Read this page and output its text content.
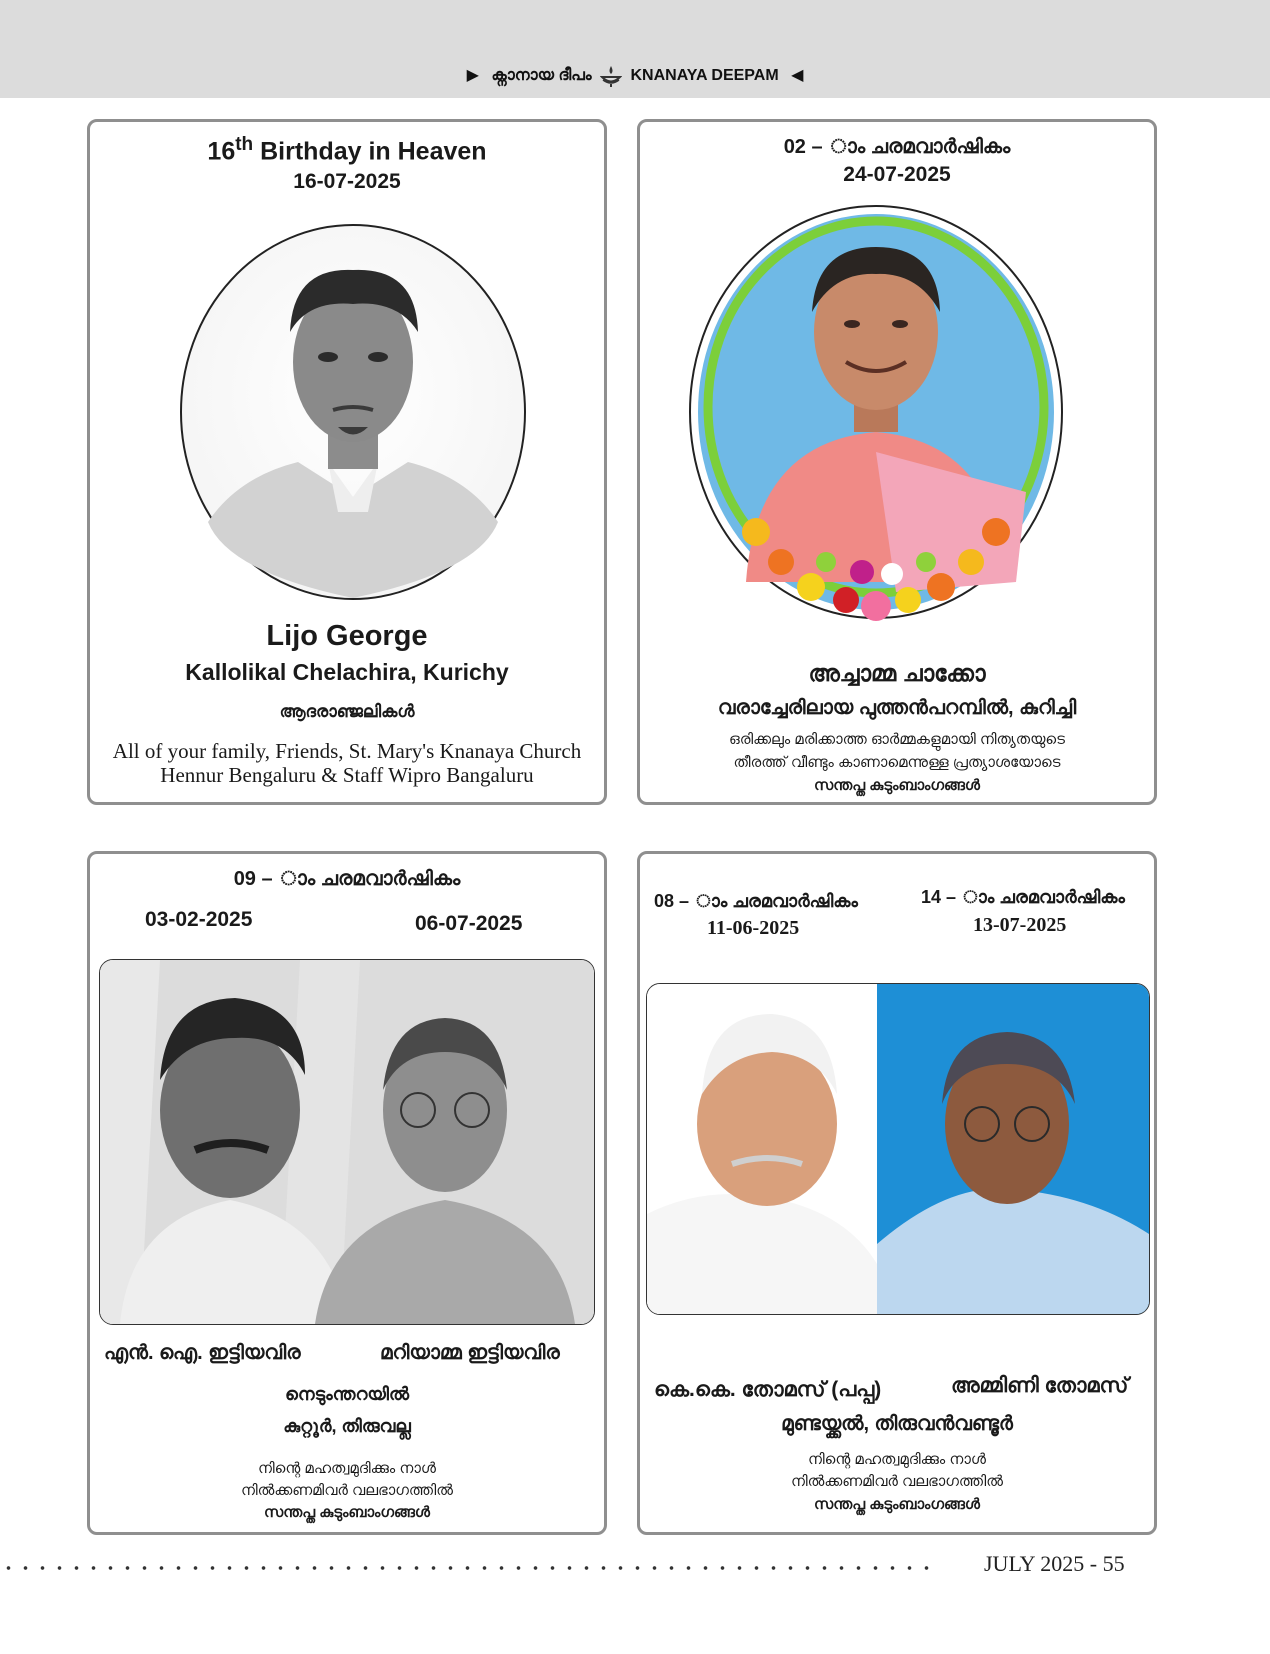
▶ ക്നാനായ ദീപം KNANAYA DEEPAM ◀
16th Birthday in Heaven
16-07-2025
Lijo George
Kallolikal Chelachira, Kurichy
ആദരാഞ്ജലികൾ
All of your family, Friends, St. Mary's Knanaya Church
Hennur Bengaluru & Staff Wipro Bangaluru
02 – ാം ചരമവാർഷികം
24-07-2025
അച്ചാമ്മ ചാക്കോ
വരാച്ചേരിലായ പുത്തൻപറമ്പിൽ, കുറിച്ചി
ഒരിക്കലും മരിക്കാത്ത ഓർമ്മകളുമായി നിത്യതയുടെ
തീരത്ത് വീണ്ടും കാണാമെന്നുള്ള പ്രത്യാശയോടെ
സന്തപ്ത കുടുംബാംഗങ്ങൾ
09 – ാം ചരമവാർഷികം
03-02-2025	06-07-2025
എൻ. ഐ. ഇട്ടിയവിര	മറിയാമ്മ ഇട്ടിയവിര
നെടുംന്തറയിൽ
കുറ്റൂർ, തിരുവല്ല
നിന്റെ മഹത്വമുദിക്കും നാൾ
നിൽക്കണമിവർ വലഭാഗത്തിൽ
സന്തപ്ത കുടുംബാംഗങ്ങൾ
08 – ാം ചരമവാർഷികം
11-06-2025
14 – ാം ചരമവാർഷികം
13-07-2025
കെ.കെ. തോമസ് (പപ്പ)	അമ്മിണി തോമസ്
മുണ്ടയ്ക്കൽ, തിരുവൻവണ്ടൂർ
നിന്റെ മഹത്വമുദിക്കും നാൾ
നിൽക്കണമിവർ വലഭാഗത്തിൽ
സന്തപ്ത കുടുംബാംഗങ്ങൾ
JULY 2025 - 55
